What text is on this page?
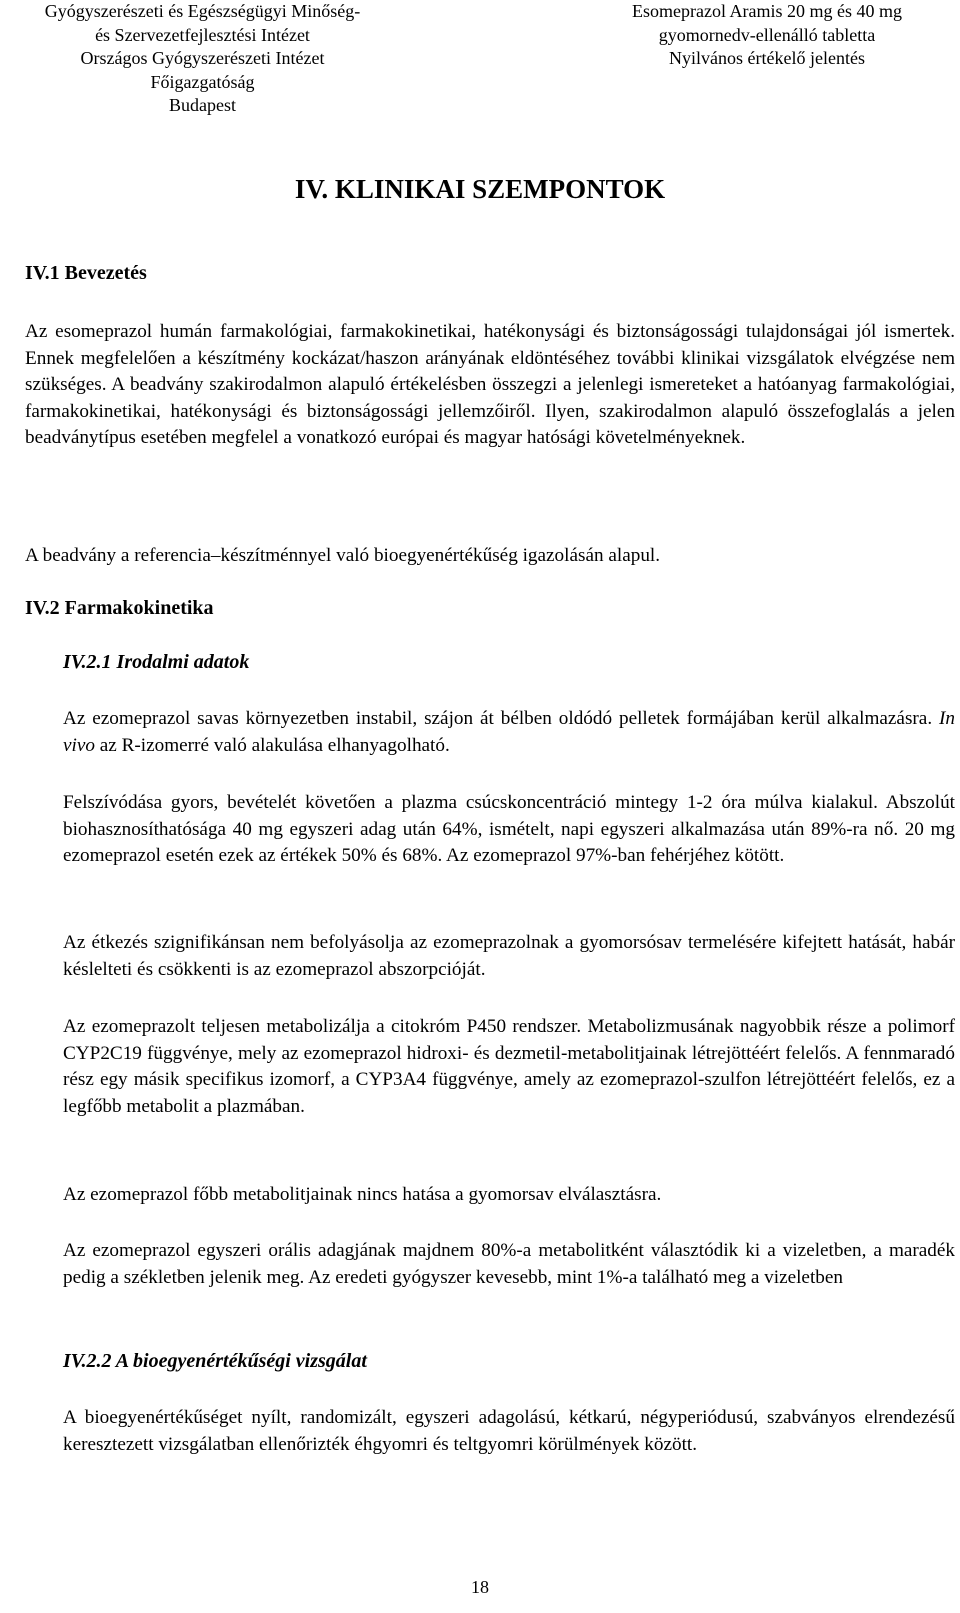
Gyógyszerészeti és Egészségügyi Minőség-
és Szervezetfejlesztési Intézet
Országos Gyógyszerészeti Intézet
Főigazgatóság
Budapest
Esomeprazol Aramis 20 mg és 40 mg
gyomornedv-ellenálló tabletta
Nyilvános értékelő jelentés
IV. KLINIKAI SZEMPONTOK
IV.1 Bevezetés
Az esomeprazol humán farmakológiai, farmakokinetikai, hatékonysági és biztonságossági tulajdonságai jól ismertek. Ennek megfelelően a készítmény kockázat/haszon arányának eldöntéséhez további klinikai vizsgálatok elvégzése nem szükséges. A beadvány szakirodalmon alapuló értékelésben összegzi a jelenlegi ismereteket a hatóanyag farmakológiai, farmakokinetikai, hatékonysági és biztonságossági jellemzőiről. Ilyen, szakirodalmon alapuló összefoglalás a jelen beadványtípus esetében megfelel a vonatkozó európai és magyar hatósági követelményeknek.
A beadvány a referencia–készítménnyel való bioegyenértékűség igazolásán alapul.
IV.2 Farmakokinetika
IV.2.1 Irodalmi adatok
Az ezomeprazol savas környezetben instabil, szájon át bélben oldódó pelletek formájában kerül alkalmazásra. In vivo az R-izomerré való alakulása elhanyagolható.
Felszívódása gyors, bevételét követően a plazma csúcskoncentráció mintegy 1-2 óra múlva kialakul. Abszolút biohasznosíthatósága 40 mg egyszeri adag után 64%, ismételt, napi egyszeri alkalmazása után 89%-ra nő. 20 mg ezomeprazol esetén ezek az értékek 50% és 68%. Az ezomeprazol 97%-ban fehérjéhez kötött.
Az étkezés szignifikánsan nem befolyásolja az ezomeprazolnak a gyomorsósav termelésére kifejtett hatását, habár késlelteti és csökkenti is az ezomeprazol abszorpcióját.
Az ezomeprazolt teljesen metabolizálja a citokróm P450 rendszer. Metabolizmusának nagyobbik része a polimorf CYP2C19 függvénye, mely az ezomeprazol hidroxi- és dezmetil-metabolitjainak létrejöttéért felelős. A fennmaradó rész egy másik specifikus izomorf, a CYP3A4 függvénye, amely az ezomeprazol-szulfon létrejöttéért felelős, ez a legfőbb metabolit a plazmában.
Az ezomeprazol főbb metabolitjainak nincs hatása a gyomorsav elválasztásra.
Az ezomeprazol egyszeri orális adagjának majdnem 80%-a metabolitként választódik ki a vizeletben, a maradék pedig a székletben jelenik meg. Az eredeti gyógyszer kevesebb, mint 1%-a található meg a vizeletben
IV.2.2 A bioegyenértékűségi vizsgálat
A bioegyenértékűséget nyílt, randomizált, egyszeri adagolású, kétkarú, négyperiódusú, szabványos elrendezésű keresztezett vizsgálatban ellenőrizték éhgyomri és teltgyomri körülmények között.
18
